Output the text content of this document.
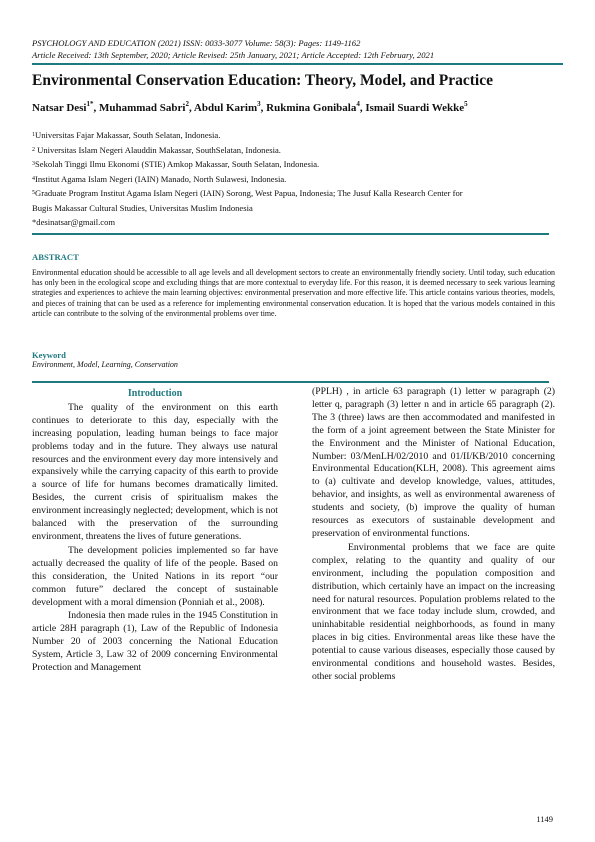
PSYCHOLOGY AND EDUCATION (2021) ISSN: 0033-3077 Volume: 58(3): Pages: 1149-1162
Article Received: 13th September, 2020; Article Revised: 25th January, 2021; Article Accepted: 12th February, 2021
Environmental Conservation Education: Theory, Model, and Practice
Natsar Desi$^{1*}$, Muhammad Sabri$^2$, Abdul Karim$^3$, Rukmina Gonibala$^4$, Ismail Suardi Wekke$^5$
$^1$Universitas Fajar Makassar, South Selatan, Indonesia.
$^2$ Universitas Islam Negeri Alauddin Makassar, SouthSelatan, Indonesia.
$^3$Sekolah Tinggi Ilmu Ekonomi (STIE) Amkop Makassar, South Selatan, Indonesia.
$^4$Institut Agama Islam Negeri (IAIN) Manado, North Sulawesi, Indonesia.
$^5$Graduate Program Institut Agama Islam Negeri (IAIN) Sorong, West Papua, Indonesia; The Jusuf Kalla Research Center for
Bugis Makassar Cultural Studies, Universitas Muslim Indonesia
*desinatsar@gmail.com
ABSTRACT
Environmental education should be accessible to all age levels and all development sectors to create an environmentally friendly society. Until today, such education has only been in the ecological scope and excluding things that are more contextual to everyday life. For this reason, it is deemed necessary to seek various learning strategies and experiences to achieve the main learning objectives: environmental preservation and more effective life. This article contains various theories, models, and pieces of training that can be used as a reference for implementing environmental conservation education. It is hoped that the various models contained in this article can contribute to the solving of the environmental problems over time.
Keyword
Environment, Model, Learning, Conservation

Introduction

The quality of the environment on this earth continues to deteriorate to this day, especially with the increasing population, leading human beings to face major problems today and in the future. They always use natural resources and the environment every day more intensively and expansively while the carrying capacity of this earth to provide a source of life for humans becomes dramatically limited. Besides, the current crisis of spiritualism makes the environment increasingly neglected; development, which is not balanced with the preservation of the surrounding environment, threatens the lives of future generations.

The development policies implemented so far have actually decreased the quality of life of the people. Based on this consideration, the United Nations in its report “our common future” declared the concept of sustainable development with a moral dimension (Ponniah et al., 2008).

Indonesia then made rules in the 1945 Constitution in article 28H paragraph (1), Law of the Republic of Indonesia Number 20 of 2003 concerning the National Education System, Article 3, Law 32 of 2009 concerning Environmental Protection and Management

(PPLH) , in article 63 paragraph (1) letter w paragraph (2) letter q, paragraph (3) letter n and in article 65 paragraph (2). The 3 (three) laws are then accommodated and manifested in the form of a joint agreement between the State Minister for the Environment and the Minister of National Education, Number: 03/MenLH/02/2010 and 01/II/KB/2010 concerning Environmental Education(KLH, 2008). This agreement aims to (a) cultivate and develop knowledge, values, attitudes, behavior, and insights, as well as environmental awareness of students and society, (b) improve the quality of human resources as executors of sustainable development and preservation of environmental functions.

Environmental problems that we face are quite complex, relating to the quantity and quality of our environment, including the population composition and distribution, which certainly have an impact on the increasing need for natural resources. Population problems related to the environment that we face today include slum, crowded, and uninhabitable residential neighborhoods, as found in many places in big cities. Environmental areas like these have the potential to cause various diseases, especially those caused by environmental conditions and household wastes. Besides, other social problems

1149
